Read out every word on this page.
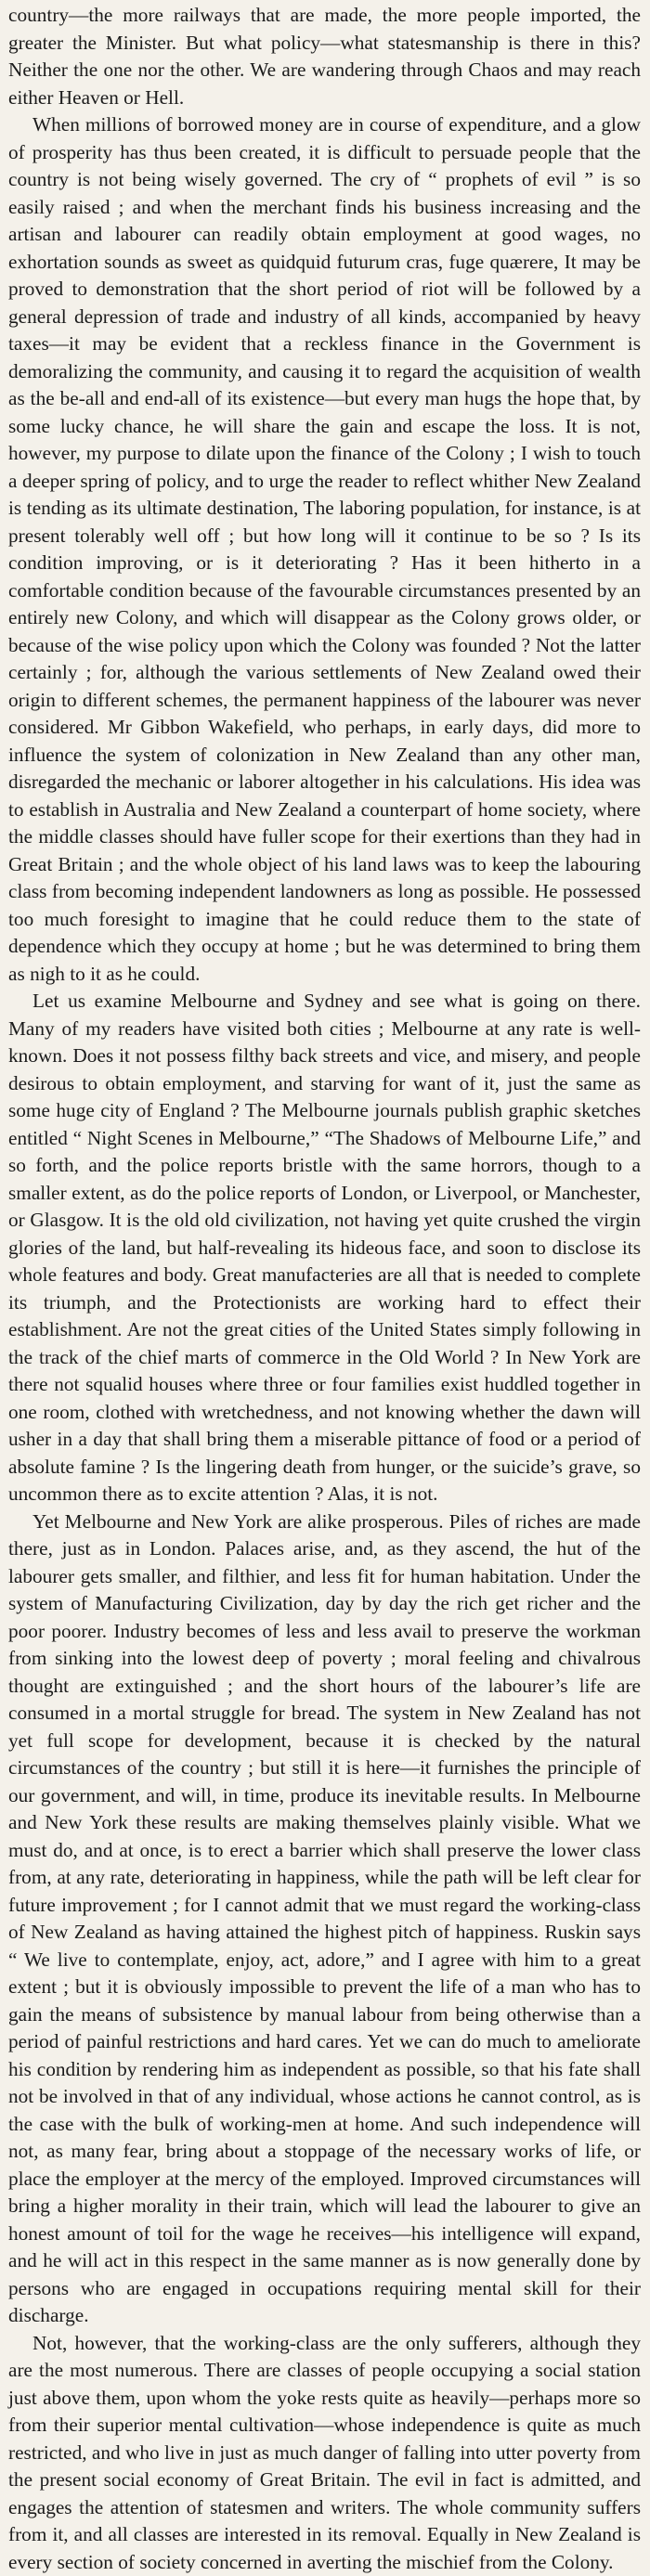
country—the more railways that are made, the more people imported, the greater the Minister. But what policy—what statesmanship is there in this? Neither the one nor the other. We are wandering through Chaos and may reach either Heaven or Hell.

When millions of borrowed money are in course of expenditure, and a glow of prosperity has thus been created, it is difficult to persuade people that the country is not being wisely governed. The cry of “ prophets of evil ” is so easily raised ; and when the merchant finds his business increasing and the artisan and labourer can readily obtain employment at good wages, no exhortation sounds as sweet as quidquid futurum cras, fuge quærere, It may be proved to demonstration that the short period of riot will be followed by a general depression of trade and industry of all kinds, accompanied by heavy taxes—it may be evident that a reckless finance in the Government is demoralizing the community, and causing it to regard the acquisition of wealth as the be-all and end-all of its existence—but every man hugs the hope that, by some lucky chance, he will share the gain and escape the loss. It is not, however, my purpose to dilate upon the finance of the Colony ; I wish to touch a deeper spring of policy, and to urge the reader to reflect whither New Zealand is tending as its ultimate destination, The laboring population, for instance, is at present tolerably well off ; but how long will it continue to be so ? Is its condition improving, or is it deteriorating ? Has it been hitherto in a comfortable condition because of the favourable circumstances presented by an entirely new Colony, and which will disappear as the Colony grows older, or because of the wise policy upon which the Colony was founded ? Not the latter certainly ; for, although the various settlements of New Zealand owed their origin to different schemes, the permanent happiness of the labourer was never considered. Mr Gibbon Wakefield, who perhaps, in early days, did more to influence the system of colonization in New Zealand than any other man, disregarded the mechanic or laborer altogether in his calculations. His idea was to establish in Australia and New Zealand a counterpart of home society, where the middle classes should have fuller scope for their exertions than they had in Great Britain ; and the whole object of his land laws was to keep the labouring class from becoming independent landowners as long as possible. He possessed too much foresight to imagine that he could reduce them to the state of dependence which they occupy at home ; but he was determined to bring them as nigh to it as he could.

Let us examine Melbourne and Sydney and see what is going on there. Many of my readers have visited both cities ; Melbourne at any rate is well-known. Does it not possess filthy back streets and vice, and misery, and people desirous to obtain employment, and starving for want of it, just the same as some huge city of England ? The Melbourne journals publish graphic sketches entitled “ Night Scenes in Melbourne,” “The Shadows of Melbourne Life,” and so forth, and the police reports bristle with the same horrors, though to a smaller extent, as do the police reports of London, or Liverpool, or Manchester, or Glasgow. It is the old old civilization, not having yet quite crushed the virgin glories of the land, but half-revealing its hideous face, and soon to disclose its whole features and body. Great manufacteries are all that is needed to complete its triumph, and the Protectionists are working hard to effect their establishment. Are not the great cities of the United States simply following in the track of the chief marts of commerce in the Old World ? In New York are there not squalid houses where three or four families exist huddled together in one room, clothed with wretchedness, and not knowing whether the dawn will usher in a day that shall bring them a miserable pittance of food or a period of absolute famine ? Is the lingering death from hunger, or the suicide’s grave, so uncommon there as to excite attention ? Alas, it is not.

Yet Melbourne and New York are alike prosperous. Piles of riches are made there, just as in London. Palaces arise, and, as they ascend, the hut of the labourer gets smaller, and filthier, and less fit for human habitation. Under the system of Manufacturing Civilization, day by day the rich get richer and the poor poorer. Industry becomes of less and less avail to preserve the workman from sinking into the lowest deep of poverty ; moral feeling and chivalrous thought are extinguished ; and the short hours of the labourer’s life are consumed in a mortal struggle for bread. The system in New Zealand has not yet full scope for development, because it is checked by the natural circumstances of the country ; but still it is here—it furnishes the principle of our government, and will, in time, produce its inevitable results. In Melbourne and New York these results are making themselves plainly visible. What we must do, and at once, is to erect a barrier which shall preserve the lower class from, at any rate, deteriorating in happiness, while the path will be left clear for future improvement ; for I cannot admit that we must regard the working-class of New Zealand as having attained the highest pitch of happiness. Ruskin says “ We live to contemplate, enjoy, act, adore,” and I agree with him to a great extent ; but it is obviously impossible to prevent the life of a man who has to gain the means of subsistence by manual labour from being otherwise than a period of painful restrictions and hard cares. Yet we can do much to ameliorate his condition by rendering him as independent as possible, so that his fate shall not be involved in that of any individual, whose actions he cannot control, as is the case with the bulk of working-men at home. And such independence will not, as many fear, bring about a stoppage of the necessary works of life, or place the employer at the mercy of the employed. Improved circumstances will bring a higher morality in their train, which will lead the labourer to give an honest amount of toil for the wage he receives—his intelligence will expand, and he will act in this respect in the same manner as is now generally done by persons who are engaged in occupations requiring mental skill for their discharge.

Not, however, that the working-class are the only sufferers, although they are the most numerous. There are classes of people occupying a social station just above them, upon whom the yoke rests quite as heavily—perhaps more so from their superior mental cultivation—whose independence is quite as much restricted, and who live in just as much danger of falling into utter poverty from the present social economy of Great Britain. The evil in fact is admitted, and engages the attention of statesmen and writers. The whole community suffers from it, and all classes are interested in its removal. Equally in New Zealand is every section of society concerned in averting the mischief from the Colony.
